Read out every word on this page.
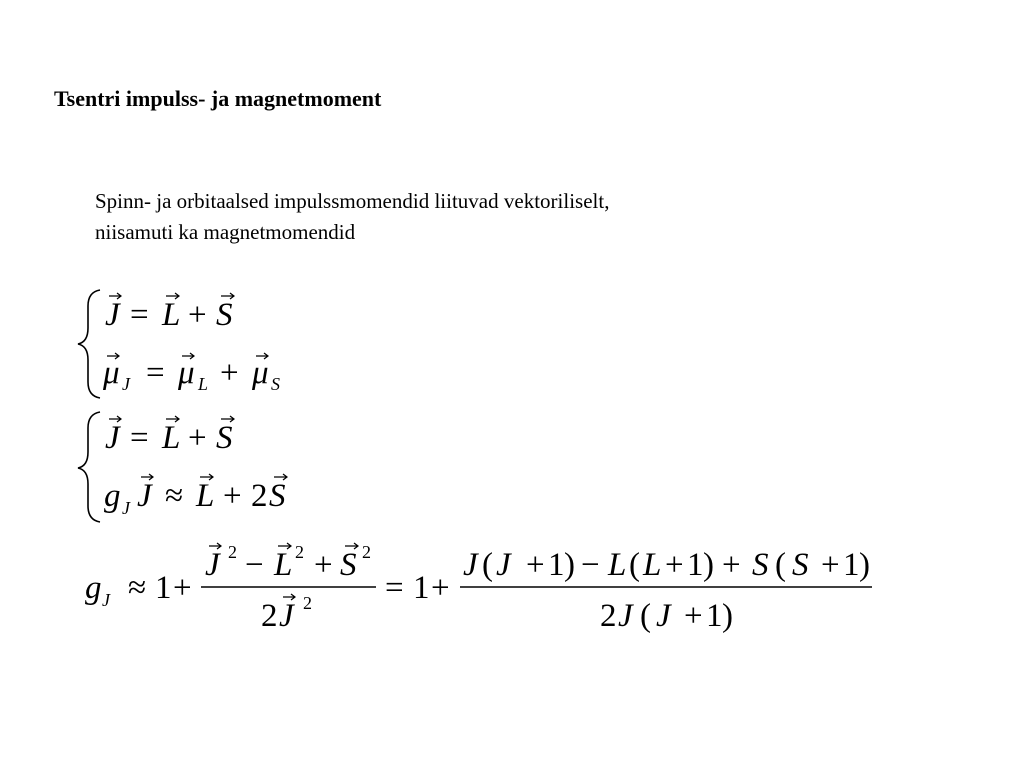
Tsentri impulss- ja magnetmoment
Spinn- ja orbitaalsed impulssmomendid liituvad vektoriliselt,
niisamuti ka magnetmomendid
J = L + S
μ J = μ L + μ S
J = L + S
g J J ≈ L + 2 S
g J ≈ 1 +
J 2 − L 2 + S 2
2 J 2 = 1 +
J ( J + 1 ) − L ( L + 1 ) + S ( S + 1 )
2 J ( J + 1 )
